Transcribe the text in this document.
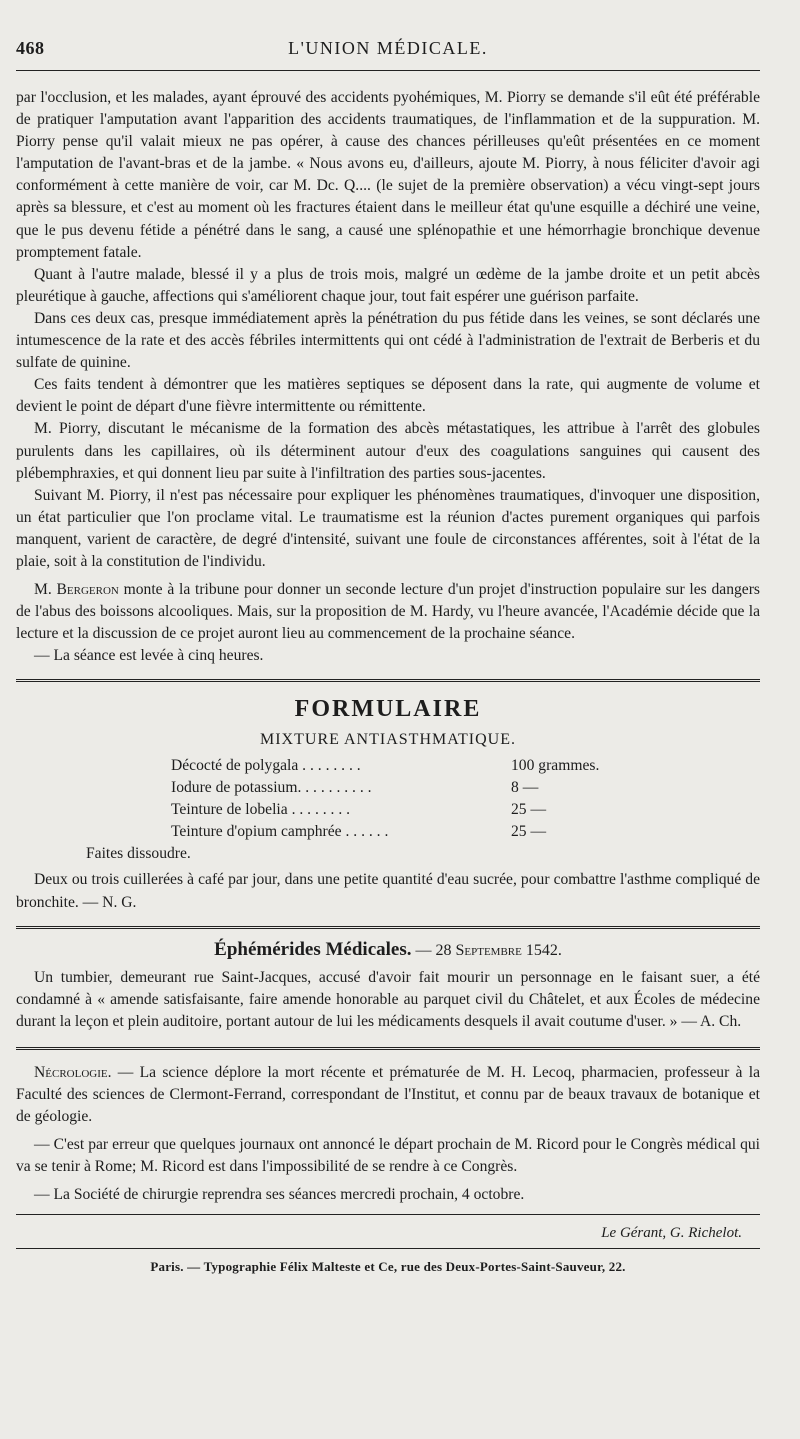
468	L'UNION MÉDICALE.

par l'occlusion, et les malades, ayant éprouvé des accidents pyohémiques, M. Piorry se demande s'il eût été préférable de pratiquer l'amputation avant l'apparition des accidents traumatiques, de l'inflammation et de la suppuration. M. Piorry pense qu'il valait mieux ne pas opérer, à cause des chances périlleuses qu'eût présentées en ce moment l'amputation de l'avant-bras et de la jambe. « Nous avons eu, d'ailleurs, ajoute M. Piorry, à nous féliciter d'avoir agi conformément à cette manière de voir, car M. Dc. Q.... (le sujet de la première observation) a vécu vingt-sept jours après sa blessure, et c'est au moment où les fractures étaient dans le meilleur état qu'une esquille a déchiré une veine, que le pus devenu fétide a pénétré dans le sang, a causé une splénopathie et une hémorrhagie bronchique devenue promptement fatale.

Quant à l'autre malade, blessé il y a plus de trois mois, malgré un œdème de la jambe droite et un petit abcès pleurétique à gauche, affections qui s'améliorent chaque jour, tout fait espérer une guérison parfaite.

Dans ces deux cas, presque immédiatement après la pénétration du pus fétide dans les veines, se sont déclarés une intumescence de la rate et des accès fébriles intermittents qui ont cédé à l'administration de l'extrait de Berberis et du sulfate de quinine.

Ces faits tendent à démontrer que les matières septiques se déposent dans la rate, qui augmente de volume et devient le point de départ d'une fièvre intermittente ou rémittente.

M. Piorry, discutant le mécanisme de la formation des abcès métastatiques, les attribue à l'arrêt des globules purulents dans les capillaires, où ils déterminent autour d'eux des coagulations sanguines qui causent des plébemphraxies, et qui donnent lieu par suite à l'infiltration des parties sous-jacentes.

Suivant M. Piorry, il n'est pas nécessaire pour expliquer les phénomènes traumatiques, d'invoquer une disposition, un état particulier que l'on proclame vital. Le traumatisme est la réunion d'actes purement organiques qui parfois manquent, varient de caractère, de degré d'intensité, suivant une foule de circonstances afférentes, soit à l'état de la plaie, soit à la constitution de l'individu.

M. Bergeron monte à la tribune pour donner un seconde lecture d'un projet d'instruction populaire sur les dangers de l'abus des boissons alcooliques. Mais, sur la proposition de M. Hardy, vu l'heure avancée, l'Académie décide que la lecture et la discussion de ce projet auront lieu au commencement de la prochaine séance.

— La séance est levée à cinq heures.

FORMULAIRE
MIXTURE ANTIASTHMATIQUE.
Décocté de polygala . . . . . . . .	100 grammes.
Iodure de potassium. . . . . . . . . .	8 —
Teinture de lobelia . . . . . . . .	25 —
Teinture d'opium camphrée . . . . . .	25 —
Faites dissoudre.

Deux ou trois cuillerées à café par jour, dans une petite quantité d'eau sucrée, pour combattre l'asthme compliqué de bronchite. — N. G.

Éphémérides Médicales. — 28 Septembre 1542.

Un tumbier, demeurant rue Saint-Jacques, accusé d'avoir fait mourir un personnage en le faisant suer, a été condamné à « amende satisfaisante, faire amende honorable au parquet civil du Châtelet, et aux Écoles de médecine durant la leçon et plein auditoire, portant autour de lui les médicaments desquels il avait coutume d'user. » — A. Ch.

Nécrologie. — La science déplore la mort récente et prématurée de M. H. Lecoq, pharmacien, professeur à la Faculté des sciences de Clermont-Ferrand, correspondant de l'Institut, et connu par de beaux travaux de botanique et de géologie.

— C'est par erreur que quelques journaux ont annoncé le départ prochain de M. Ricord pour le Congrès médical qui va se tenir à Rome; M. Ricord est dans l'impossibilité de se rendre à ce Congrès.

— La Société de chirurgie reprendra ses séances mercredi prochain, 4 octobre.

Le Gérant, G. Richelot.
Paris. — Typographie Félix Malteste et Ce, rue des Deux-Portes-Saint-Sauveur, 22.
